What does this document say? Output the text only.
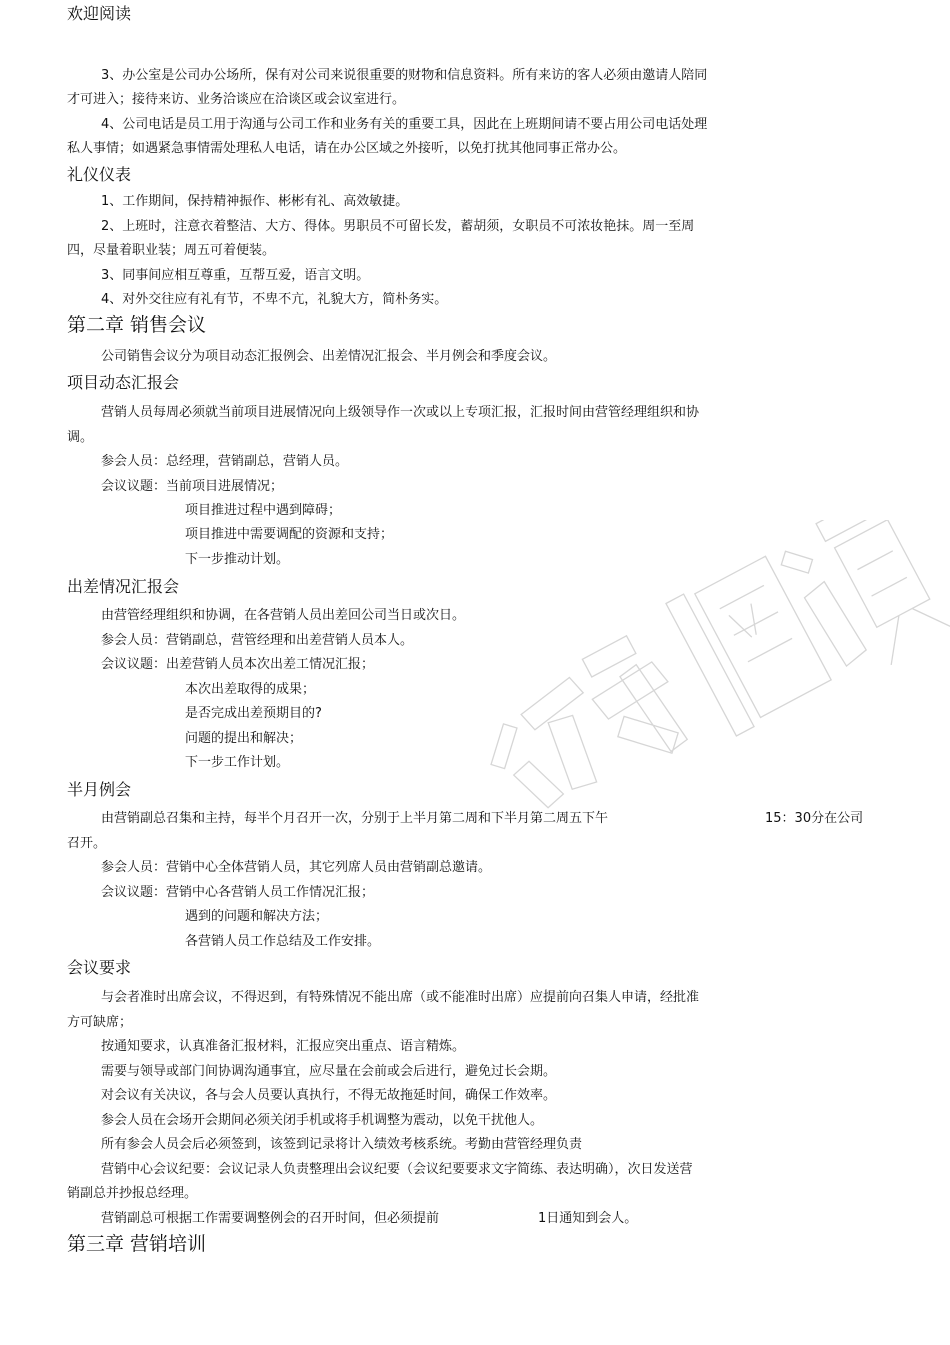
欢迎阅读
3、办公室是公司办公场所，保有对公司来说很重要的财物和信息资料。所有来访的客人必须由邀请人陪同
才可进入；接待来访、业务洽谈应在洽谈区或会议室进行。
4、公司电话是员工用于沟通与公司工作和业务有关的重要工具，因此在上班期间请不要占用公司电话处理
私人事情；如遇紧急事情需处理私人电话，请在办公区域之外接听，以免打扰其他同事正常办公。
礼仪仪表
1、工作期间，保持精神振作、彬彬有礼、高效敏捷。
2、上班时，注意衣着整洁、大方、得体。男职员不可留长发，蓄胡须，女职员不可浓妆艳抹。周一至周
四，尽量着职业装；周五可着便装。
3、同事间应相互尊重，互帮互爱，语言文明。
4、对外交往应有礼有节，不卑不亢，礼貌大方，简朴务实。
第二章 销售会议
公司销售会议分为项目动态汇报例会、出差情况汇报会、半月例会和季度会议。
项目动态汇报会
营销人员每周必须就当前项目进展情况向上级领导作一次或以上专项汇报，汇报时间由营管经理组织和协
调。
参会人员：总经理，营销副总，营销人员。
会议议题：当前项目进展情况；
项目推进过程中遇到障碍；
项目推进中需要调配的资源和支持；
下一步推动计划。
出差情况汇报会
由营管经理组织和协调，在各营销人员出差回公司当日或次日。
参会人员：营销副总，营管经理和出差营销人员本人。
会议议题：出差营销人员本次出差工情况汇报；
本次出差取得的成果；
是否完成出差预期目的?
问题的提出和解决；
下一步工作计划。
半月例会
由营销副总召集和主持，每半个月召开一次，分别于上半月第二周和下半月第二周五下午	15：30分在公司
召开。
参会人员：营销中心全体营销人员，其它列席人员由营销副总邀请。
会议议题：营销中心各营销人员工作情况汇报；
遇到的问题和解决方法；
各营销人员工作总结及工作安排。
会议要求
与会者准时出席会议，不得迟到，有特殊情况不能出席（或不能准时出席）应提前向召集人申请，经批准
方可缺席；
按通知要求，认真准备汇报材料，汇报应突出重点、语言精炼。
需要与领导或部门间协调沟通事宜，应尽量在会前或会后进行，避免过长会期。
对会议有关决议，各与会人员要认真执行，不得无故拖延时间，确保工作效率。
参会人员在会场开会期间必须关闭手机或将手机调整为震动，以免干扰他人。
所有参会人员会后必须签到，该签到记录将计入绩效考核系统。考勤由营管经理负责
营销中心会议纪要：会议记录人负责整理出会议纪要（会议纪要要求文字简练、表达明确），次日发送营
销副总并抄报总经理。
营销副总可根据工作需要调整例会的召开时间，但必须提前	1日通知到会人。
第三章 营销培训
欢迎阅读
